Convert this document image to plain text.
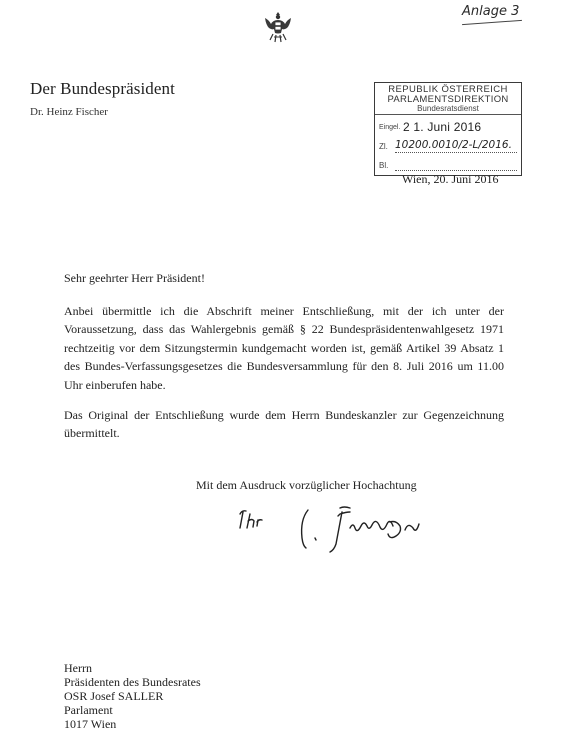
Anlage 3
Der Bundespräsident
Dr. Heinz Fischer
REPUBLIK ÖSTERREICH
PARLAMENTSDIREKTION
Bundesratsdienst
Eingel. 2 1. Juni 2016
Zl. 10200.0010/2-L/2016.
Bl.
Wien, 20. Juni 2016
Sehr geehrter Herr Präsident!
Anbei übermittle ich die Abschrift meiner Entschließung, mit der ich unter der Voraussetzung, dass das Wahlergebnis gemäß § 22 Bundespräsidentenwahlgesetz 1971 rechtzeitig vor dem Sitzungstermin kundgemacht worden ist, gemäß Artikel 39 Absatz 1 des Bundes-Verfassungsgesetzes die Bundesversammlung für den 8. Juli 2016 um 11.00 Uhr einberufen habe.
Das Original der Entschließung wurde dem Herrn Bundeskanzler zur Gegenzeichnung übermittelt.
Mit dem Ausdruck vorzüglicher Hochachtung
Herrn
Präsidenten des Bundesrates
OSR Josef SALLER
Parlament
1017 Wien
